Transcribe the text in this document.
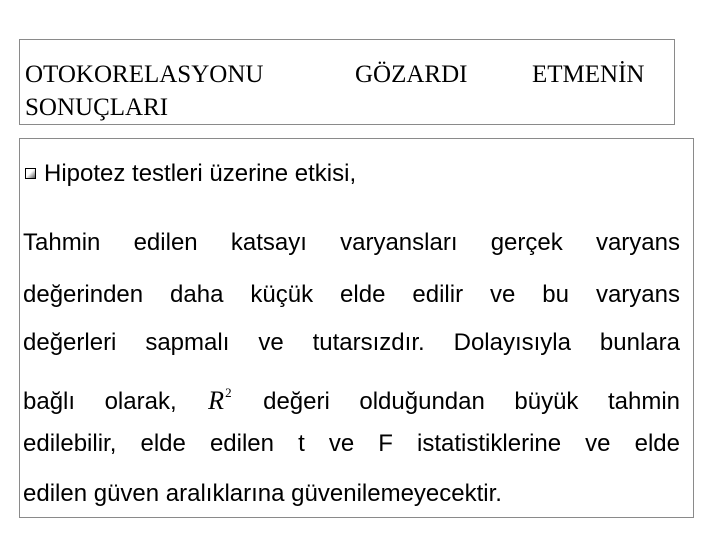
OTOKORELASYONU	GÖZARDI	ETMENİN
SONUÇLARI
Hipotez testleri üzerine etkisi,
Tahmin edilen katsayı varyansları gerçek varyans
değerinden daha küçük elde edilir ve bu varyans
değerleri sapmalı ve tutarsızdır. Dolayısıyla bunlara
bağlı olarak, $R^2$ değeri olduğundan büyük tahmin
edilebilir, elde edilen t ve F istatistiklerine ve elde
edilen güven aralıklarına güvenilemeyecektir.
